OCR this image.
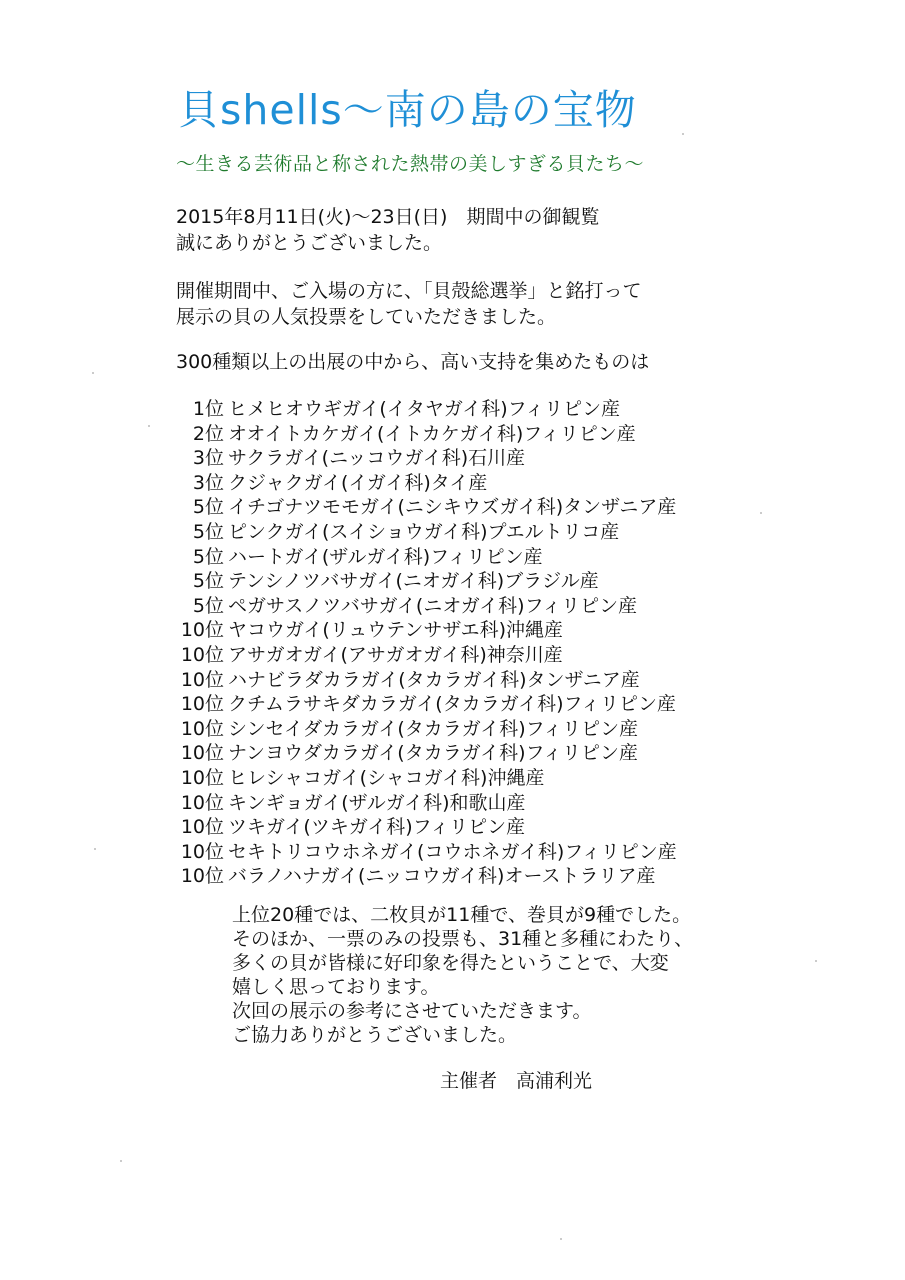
貝shells～南の島の宝物
～生きる芸術品と称された熱帯の美しすぎる貝たち～
2015年8月11日(火)～23日(日)　期間中の御観覧
誠にありがとうございました。
開催期間中、ご入場の方に、「貝殻総選挙」と銘打って
展示の貝の人気投票をしていただきました。
300種類以上の出展の中から、高い支持を集めたものは
1位 ヒメヒオウギガイ(イタヤガイ科)フィリピン産
2位 オオイトカケガイ(イトカケガイ科)フィリピン産
3位 サクラガイ(ニッコウガイ科)石川産
3位 クジャクガイ(イガイ科)タイ産
5位 イチゴナツモモガイ(ニシキウズガイ科)タンザニア産
5位 ピンクガイ(スイショウガイ科)プエルトリコ産
5位 ハートガイ(ザルガイ科)フィリピン産
5位 テンシノツバサガイ(ニオガイ科)ブラジル産
5位 ペガサスノツバサガイ(ニオガイ科)フィリピン産
10位 ヤコウガイ(リュウテンサザエ科)沖縄産
10位 アサガオガイ(アサガオガイ科)神奈川産
10位 ハナビラダカラガイ(タカラガイ科)タンザニア産
10位 クチムラサキダカラガイ(タカラガイ科)フィリピン産
10位 シンセイダカラガイ(タカラガイ科)フィリピン産
10位 ナンヨウダカラガイ(タカラガイ科)フィリピン産
10位 ヒレシャコガイ(シャコガイ科)沖縄産
10位 キンギョガイ(ザルガイ科)和歌山産
10位 ツキガイ(ツキガイ科)フィリピン産
10位 セキトリコウホネガイ(コウホネガイ科)フィリピン産
10位 バラノハナガイ(ニッコウガイ科)オーストラリア産
上位20種では、二枚貝が11種で、巻貝が9種でした。
そのほか、一票のみの投票も、31種と多種にわたり、
多くの貝が皆様に好印象を得たということで、大変
嬉しく思っております。
次回の展示の参考にさせていただきます。
ご協力ありがとうございました。
主催者　高浦利光
